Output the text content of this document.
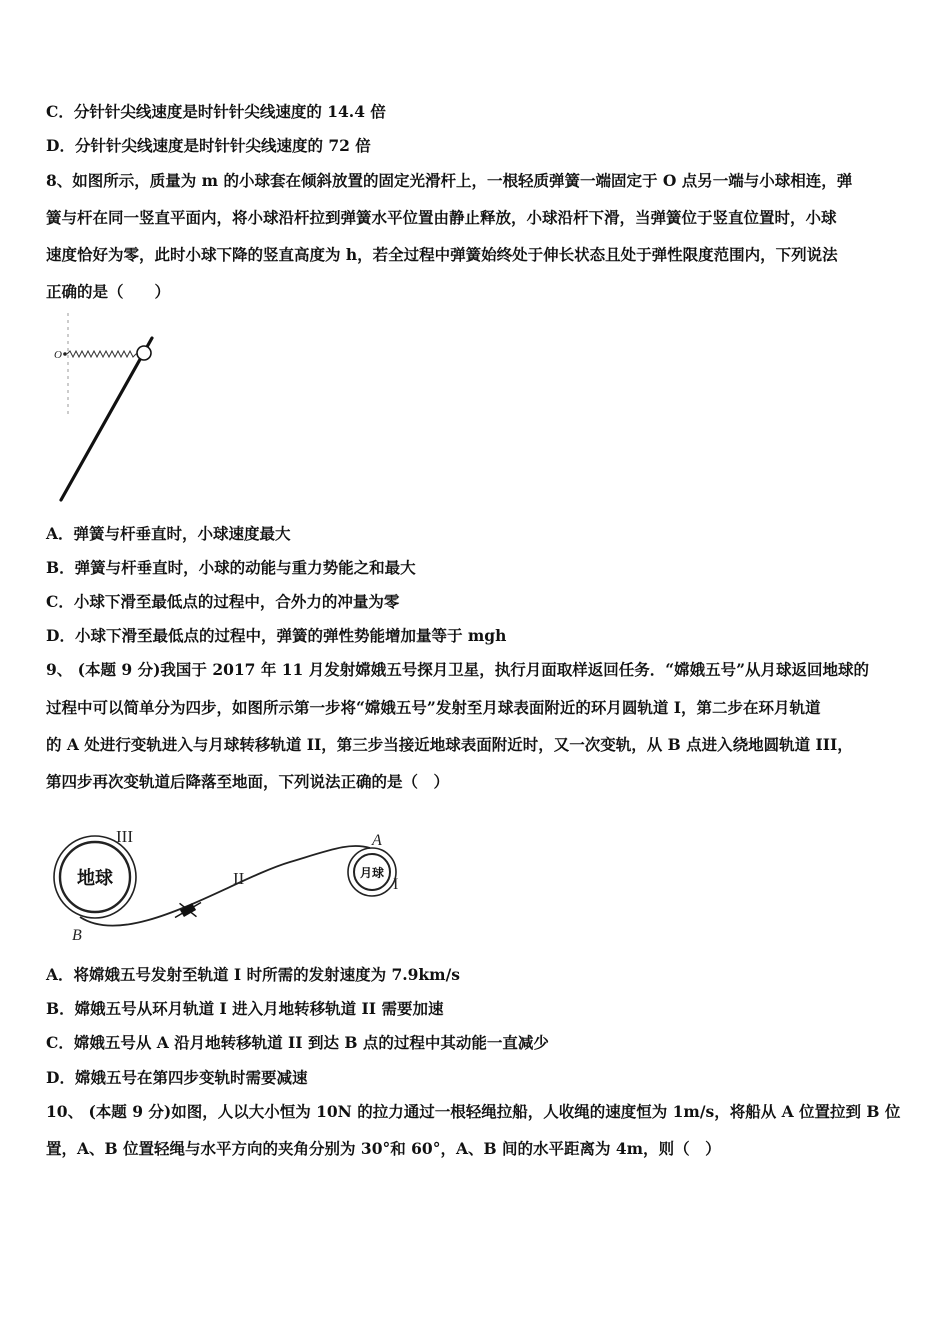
C．分针针尖线速度是时针针尖线速度的 14.4 倍
D．分针针尖线速度是时针针尖线速度的 72 倍
8、如图所示，质量为 m 的小球套在倾斜放置的固定光滑杆上，一根轻质弹簧一端固定于 O 点另一端与小球相连，弹
簧与杆在同一竖直平面内，将小球沿杆拉到弹簧水平位置由静止释放，小球沿杆下滑，当弹簧位于竖直位置时，小球
速度恰好为零，此时小球下降的竖直高度为 h，若全过程中弹簧始终处于伸长状态且处于弹性限度范围内，下列说法
正确的是（　　）
O
A．弹簧与杆垂直时，小球速度最大
B．弹簧与杆垂直时，小球的动能与重力势能之和最大
C．小球下滑至最低点的过程中，合外力的冲量为零
D．小球下滑至最低点的过程中，弹簧的弹性势能增加量等于 mgh
9、 (本题 9 分)我国于 2017 年 11 月发射嫦娥五号探月卫星，执行月面取样返回任务．“嫦娥五号”从月球返回地球的
过程中可以简单分为四步，如图所示第一步将“嫦娥五号”发射至月球表面附近的环月圆轨道 I，第二步在环月轨道
的 A 处进行变轨进入与月球转移轨道 II，第三步当接近地球表面附近时，又一次变轨，从 B 点进入绕地圆轨道 III，
第四步再次变轨道后降落至地面，下列说法正确的是（　）
地球
III
II	月球
I
A
B
A．将嫦娥五号发射至轨道 I 时所需的发射速度为 7.9km/s
B．嫦娥五号从环月轨道 I 进入月地转移轨道 II 需要加速
C．嫦娥五号从 A 沿月地转移轨道 II 到达 B 点的过程中其动能一直减少
D．嫦娥五号在第四步变轨时需要减速
10、 (本题 9 分)如图，人以大小恒为 10N 的拉力通过一根轻绳拉船，人收绳的速度恒为 1m/s，将船从 A 位置拉到 B 位
置，A、B 位置轻绳与水平方向的夹角分别为 30°和 60°，A、B 间的水平距离为 4m，则（　）
